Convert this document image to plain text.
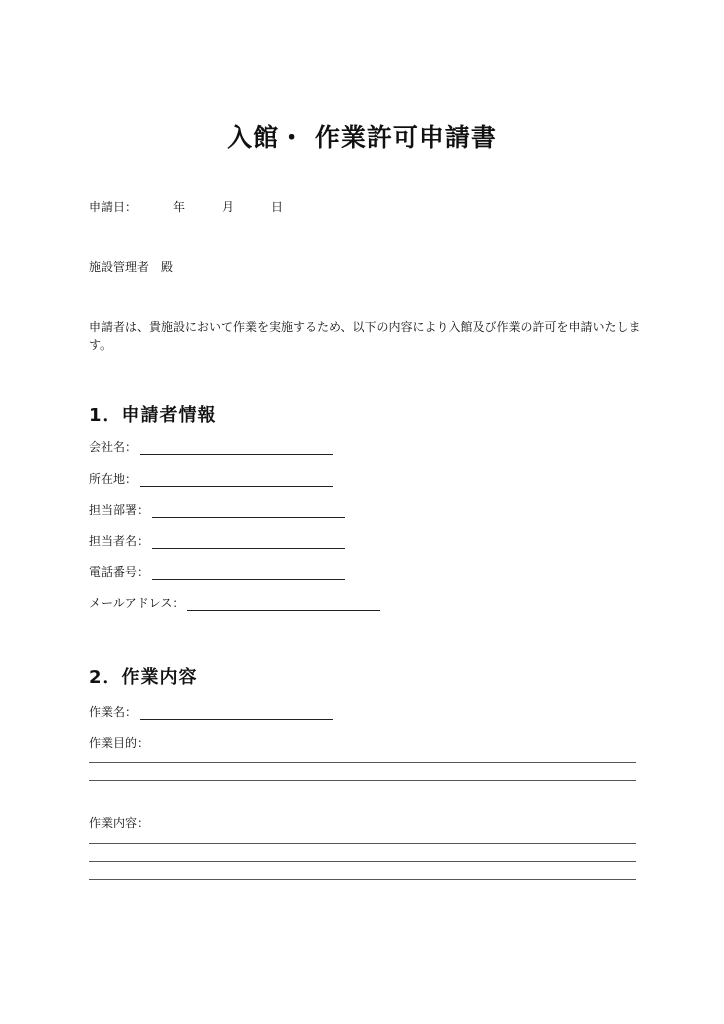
入館・ 作業許可申請書
申請日：	年	月	日
施設管理者　殿
申請者は、貴施設において作業を実施するため、以下の内容により入館及び作業の許可を申請いたします。
1．申請者情報
会社名：
所在地：
担当部署：
担当者名：
電話番号：
メールアドレス：
2．作業内容
作業名：
作業目的：
作業内容：
